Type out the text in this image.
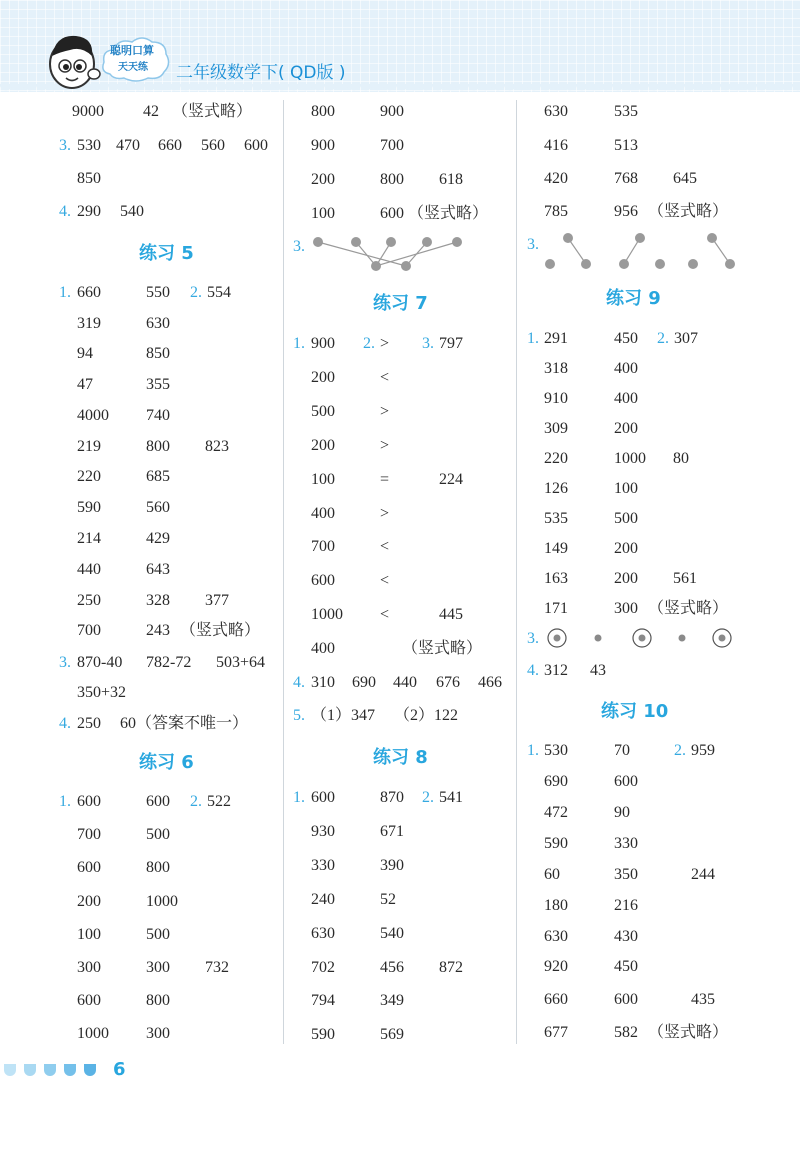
聪明口算
天天练 二年级数学下( QD版 )
9000 42 （竖式略）
3. 530 470 660 560 600
850
4. 290 540
1. 660	550 2. 554
319	630
94	850
47	355
4000 740
219	800 823
220	685
590	560
214	429
440	643
250	328 377
700	243 （竖式略）
3. 870-40 782-72 503+64
350+32
4. 250 60（答案不唯一）
1. 600	600 2. 522
700	500
600	800
200	1000
100	500
300	300 732
600	800
1000 300
800	900
900	700
200	800 618
100	600 （竖式略）
3.
1. 900 2. > 3. 797
200	<
500	>
200	>
100	=	224
400	>
700	<
600	<
1000 <	445
400	（竖式略）
4. 310 690 440 676 466
5. （1）347 （2）122
1. 600	870 2. 541
930	671
330	390
240	52
630	540
702	456 872
794	349
590	569
630	535
416	513
420	768 645
785	956 （竖式略）
3.
1. 291	450 2. 307
318	400
910	400
309	200
220	1000 80
126	100
535	500
149	200
163	200 561
171	300 （竖式略）
3.
4. 312 43
1. 530	70	2. 959
690	600
472	90
590	330
60	350	244
180	216
630	430
920	450
660	600	435
677	582 （竖式略）
练习 5
练习 6
练习 7
练习 8
练习 9
练习 10
6
